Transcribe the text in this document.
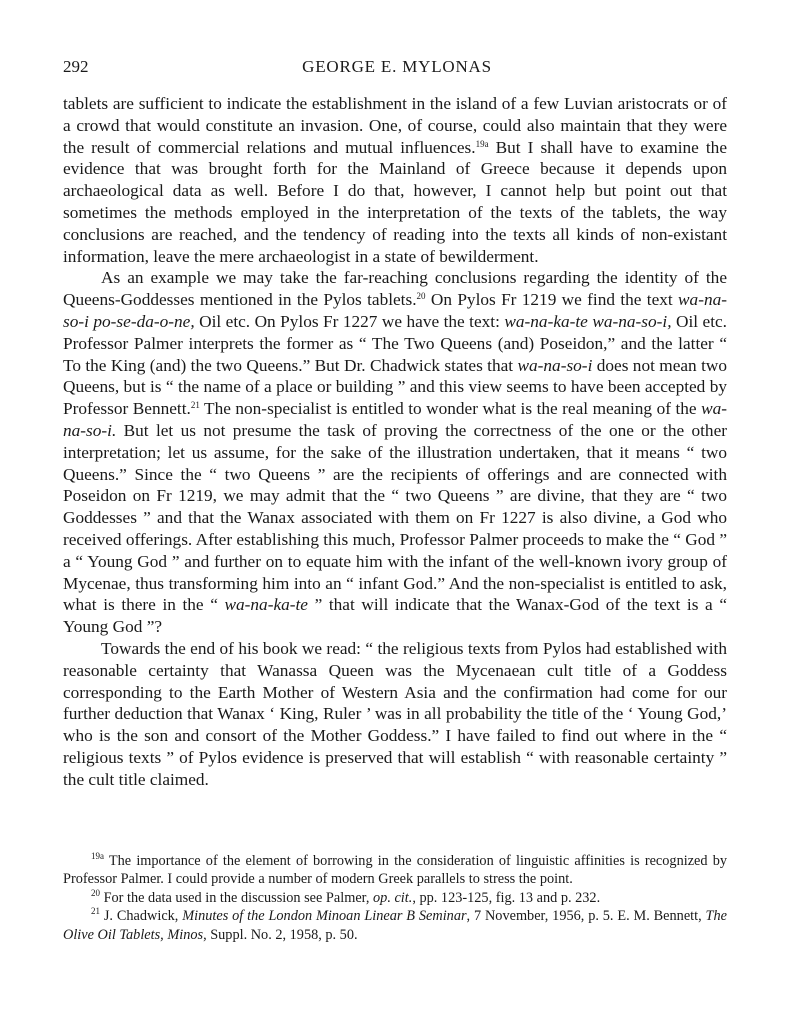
292	GEORGE E. MYLONAS

tablets are sufficient to indicate the establishment in the island of a few Luvian aristocrats or of a crowd that would constitute an invasion. One, of course, could also maintain that they were the result of commercial relations and mutual influences.$^{19a}$ But I shall have to examine the evidence that was brought forth for the Mainland of Greece because it depends upon archaeological data as well. Before I do that, however, I cannot help but point out that sometimes the methods employed in the interpretation of the texts of the tablets, the way conclusions are reached, and the tendency of reading into the texts all kinds of non-existant information, leave the mere archaeologist in a state of bewilderment.

As an example we may take the far-reaching conclusions regarding the identity of the Queens-Goddesses mentioned in the Pylos tablets.$^{20}$ On Pylos Fr 1219 we find the text wa-na-so-i po-se-da-o-ne, Oil etc. On Pylos Fr 1227 we have the text: wa-na-ka-te wa-na-so-i, Oil etc. Professor Palmer interprets the former as “ The Two Queens (and) Poseidon,” and the latter “ To the King (and) the two Queens.” But Dr. Chadwick states that wa-na-so-i does not mean two Queens, but is “ the name of a place or building ” and this view seems to have been accepted by Professor Bennett.$^{21}$ The non-specialist is entitled to wonder what is the real meaning of the wa-na-so-i. But let us not presume the task of proving the correctness of the one or the other interpretation; let us assume, for the sake of the illustration undertaken, that it means “ two Queens.” Since the “ two Queens ” are the recipients of offerings and are connected with Poseidon on Fr 1219, we may admit that the “ two Queens ” are divine, that they are “ two Goddesses ” and that the Wanax associated with them on Fr 1227 is also divine, a God who received offerings. After establishing this much, Professor Palmer proceeds to make the “ God ” a “ Young God ” and further on to equate him with the infant of the well-known ivory group of Mycenae, thus transforming him into an “ infant God.” And the non-specialist is entitled to ask, what is there in the “ wa-na-ka-te ” that will indicate that the Wanax-God of the text is a “ Young God ”?

Towards the end of his book we read: “ the religious texts from Pylos had established with reasonable certainty that Wanassa Queen was the Mycenaean cult title of a Goddess corresponding to the Earth Mother of Western Asia and the confirmation had come for our further deduction that Wanax ‘ King, Ruler ’ was in all probability the title of the ‘ Young God,’ who is the son and consort of the Mother Goddess.” I have failed to find out where in the “ religious texts ” of Pylos evidence is preserved that will establish “ with reasonable certainty ” the cult title claimed.

$^{19a}$ The importance of the element of borrowing in the consideration of linguistic affinities is recognized by Professor Palmer. I could provide a number of modern Greek parallels to stress the point.

$^{20}$ For the data used in the discussion see Palmer, op. cit., pp. 123-125, fig. 13 and p. 232.

$^{21}$ J. Chadwick, Minutes of the London Minoan Linear B Seminar, 7 November, 1956, p. 5. E. M. Bennett, The Olive Oil Tablets, Minos, Suppl. No. 2, 1958, p. 50.
